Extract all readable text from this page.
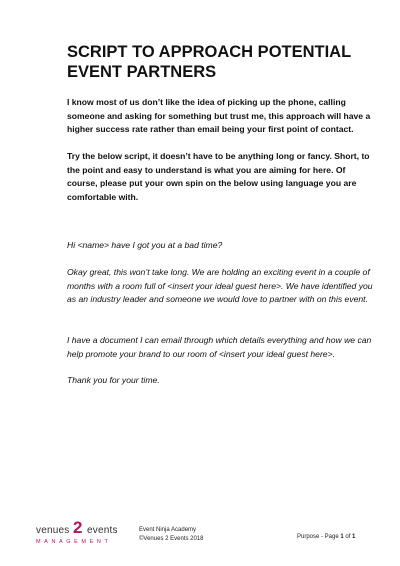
SCRIPT TO APPROACH POTENTIAL EVENT PARTNERS

I know most of us don’t like the idea of picking up the phone, calling someone and asking for something but trust me, this approach will have a higher success rate rather than email being your first point of contact.

Try the below script, it doesn’t have to be anything long or fancy. Short, to the point and easy to understand is what you are aiming for here. Of course, please put your own spin on the below using language you are comfortable with.

Hi <name> have I got you at a bad time?

Okay great, this won’t take long. We are holding an exciting event in a couple of months with a room full of <insert your ideal guest here>. We have identified you as an industry leader and someone we would love to partner with on this event.

I have a document I can email through which details everything and how we can help promote your brand to our room of <insert your ideal guest here>.

Thank you for your time.

venues 2 events
MANAGEMENT
Event Ninja Academy
©Venues 2 Events 2018	Purpose - Page 1 of 1
